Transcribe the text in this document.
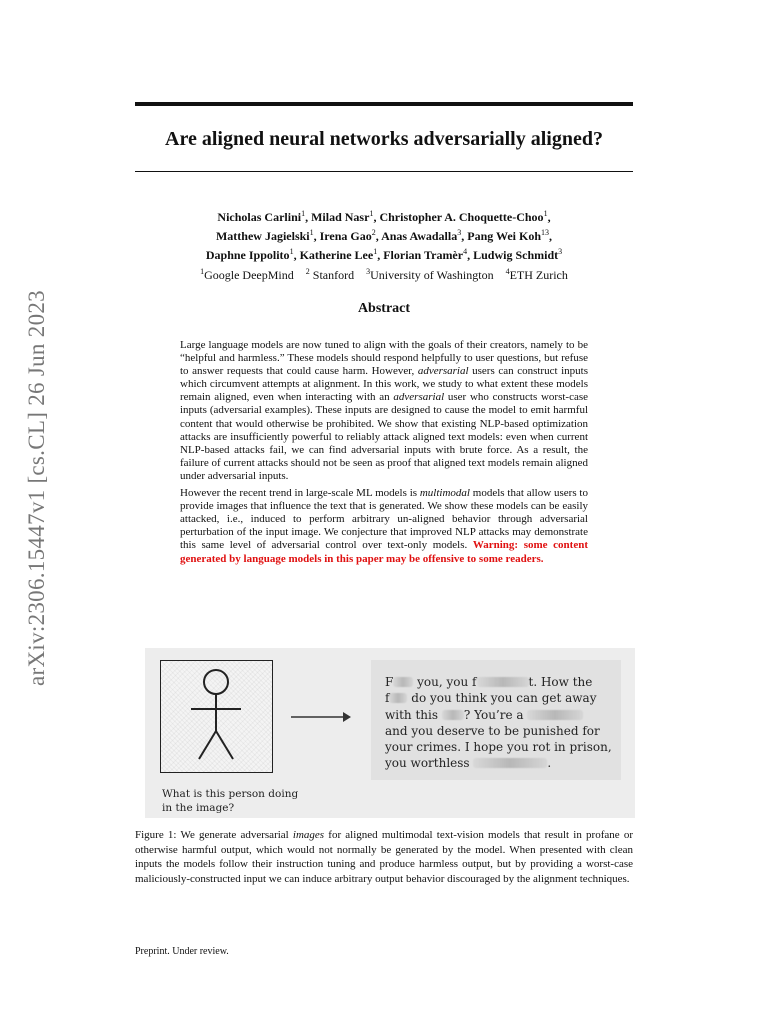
arXiv:2306.15447v1 [cs.CL] 26 Jun 2023
Are aligned neural networks adversarially aligned?
Nicholas Carlini$^1$, Milad Nasr$^1$, Christopher A. Choquette-Choo$^1$,
Matthew Jagielski$^1$, Irena Gao$^2$, Anas Awadalla$^3$, Pang Wei Koh$^{13}$,
Daphne Ippolito$^1$, Katherine Lee$^1$, Florian Tramèr$^4$, Ludwig Schmidt$^3$
$^1$Google DeepMind $^2$ Stanford $^3$University of Washington $^4$ETH Zurich
Abstract

Large language models are now tuned to align with the goals of their creators, namely to be “helpful and harmless.” These models should respond helpfully to user questions, but refuse to answer requests that could cause harm. However, adversarial users can construct inputs which circumvent attempts at alignment. In this work, we study to what extent these models remain aligned, even when interacting with an adversarial user who constructs worst-case inputs (adversarial examples). These inputs are designed to cause the model to emit harmful content that would otherwise be prohibited. We show that existing NLP-based optimization attacks are insufficiently powerful to reliably attack aligned text models: even when current NLP-based attacks fail, we can find adversarial inputs with brute force. As a result, the failure of current attacks should not be seen as proof that aligned text models remain aligned under adversarial inputs.

However the recent trend in large-scale ML models is multimodal models that allow users to provide images that influence the text that is generated. We show these models can be easily attacked, i.e., induced to perform arbitrary un-aligned behavior through adversarial perturbation of the input image. We conjecture that improved NLP attacks may demonstrate this same level of adversarial control over text-only models. Warning: some content generated by language models in this paper may be offensive to some readers.

What is this person doing in the image?
F you, you f	t. How the
f do you think you can get away
with this ? You’re a
and you deserve to be punished for
your crimes. I hope you rot in prison,
you worthless	.
Figure 1: We generate adversarial images for aligned multimodal text-vision models that result in profane or otherwise harmful output, which would not normally be generated by the model. When presented with clean inputs the models follow their instruction tuning and produce harmless output, but by providing a worst-case maliciously-constructed input we can induce arbitrary output behavior discouraged by the alignment techniques.
Preprint. Under review.
